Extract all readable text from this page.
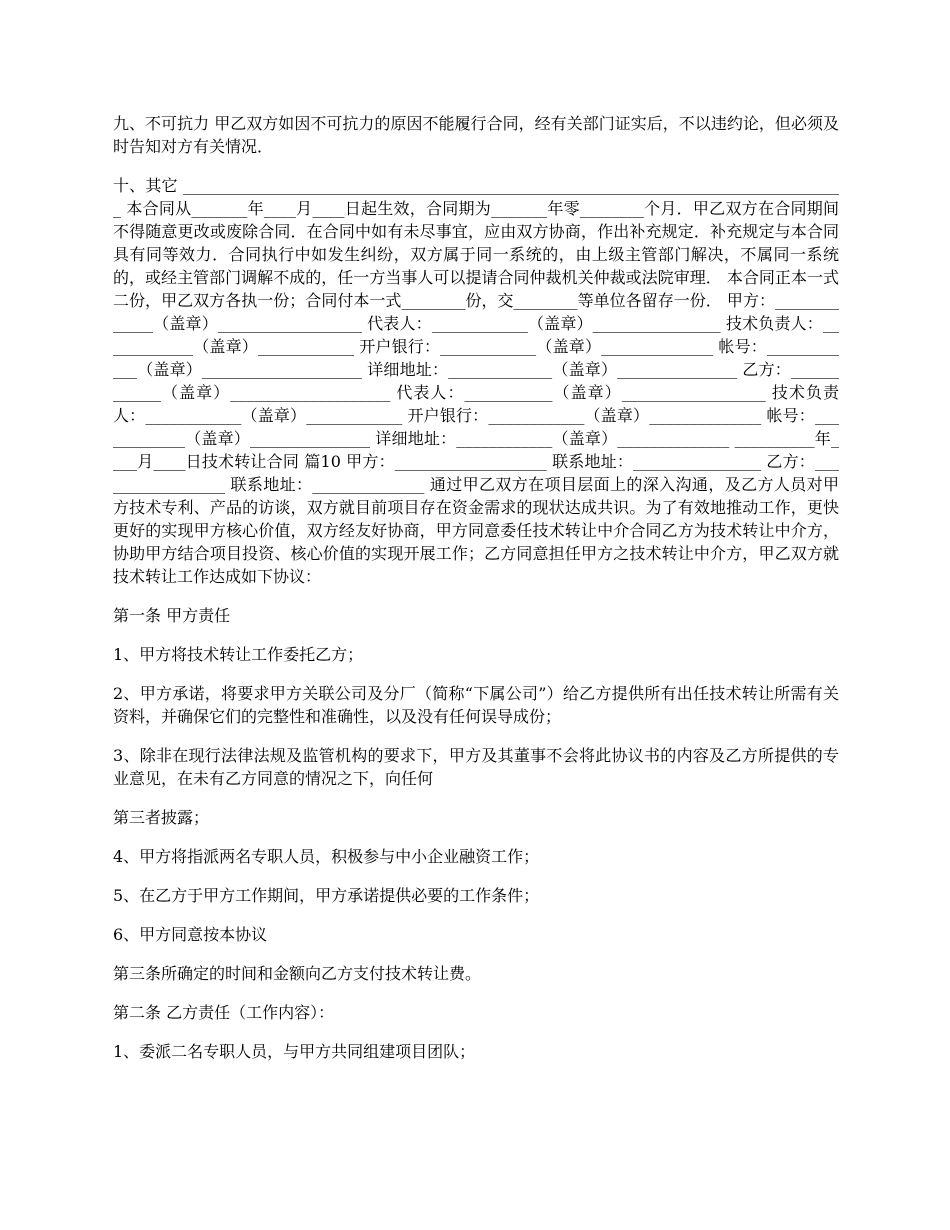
九、不可抗力 甲乙双方如因不可抗力的原因不能履行合同，经有关部门证实后，不以违约论，但必须及时告知对方有关情况．

十、其它 ___________________________________________________________________________________ 本合同从_______年____月____日起生效，合同期为_______年零________个月．甲乙双方在合同期间不得随意更改或废除合同．在合同中如有未尽事宜，应由双方协商，作出补充规定．补充规定与本合同具有同等效力．合同执行中如发生纠纷，双方属于同一系统的，由上级主管部门解决，不属同一系统的，或经主管部门调解不成的，任一方当事人可以提请合同仲裁机关仲裁或法院审理． 本合同正本一式二份，甲乙双方各执一份；合同付本一式________份，交________等单位各留存一份． 甲方：_____________（盖章）__________________ 代表人：____________（盖章）________________ 技术负责人：____________（盖章）____________ 开户银行：____________（盖章）______________ 帐号：____________（盖章）____________________ 详细地址：_____________（盖章）_______________ 乙方：____________（盖章）____________________ 代表人：___________（盖章）__________________ 技术负责人：____________（盖章）____________ 开户银行：____________（盖章）______________ 帐号：____________（盖章）_______________ 详细地址：____________（盖章）______________ __________年____月____日技术转让合同 篇10 甲方：___________________ 联系地址：________________ 乙方：_________________ 联系地址：______________ 通过甲乙双方在项目层面上的深入沟通，及乙方人员对甲方技术专利、产品的访谈，双方就目前项目存在资金需求的现状达成共识。为了有效地推动工作，更快更好的实现甲方核心价值，双方经友好协商，甲方同意委任技术转让中介合同乙方为技术转让中介方，协助甲方结合项目投资、核心价值的实现开展工作；乙方同意担任甲方之技术转让中介方，甲乙双方就技术转让工作达成如下协议：

第一条 甲方责任

1、甲方将技术转让工作委托乙方；

2、甲方承诺，将要求甲方关联公司及分厂（简称“下属公司”）给乙方提供所有出任技术转让所需有关资料，并确保它们的完整性和准确性，以及没有任何误导成份；

3、除非在现行法律法规及监管机构的要求下，甲方及其董事不会将此协议书的内容及乙方所提供的专业意见，在未有乙方同意的情况之下，向任何

第三者披露；

4、甲方将指派两名专职人员，积极参与中小企业融资工作；

5、在乙方于甲方工作期间，甲方承诺提供必要的工作条件；

6、甲方同意按本协议

第三条所确定的时间和金额向乙方支付技术转让费。

第二条 乙方责任（工作内容）：

1、委派二名专职人员，与甲方共同组建项目团队；
